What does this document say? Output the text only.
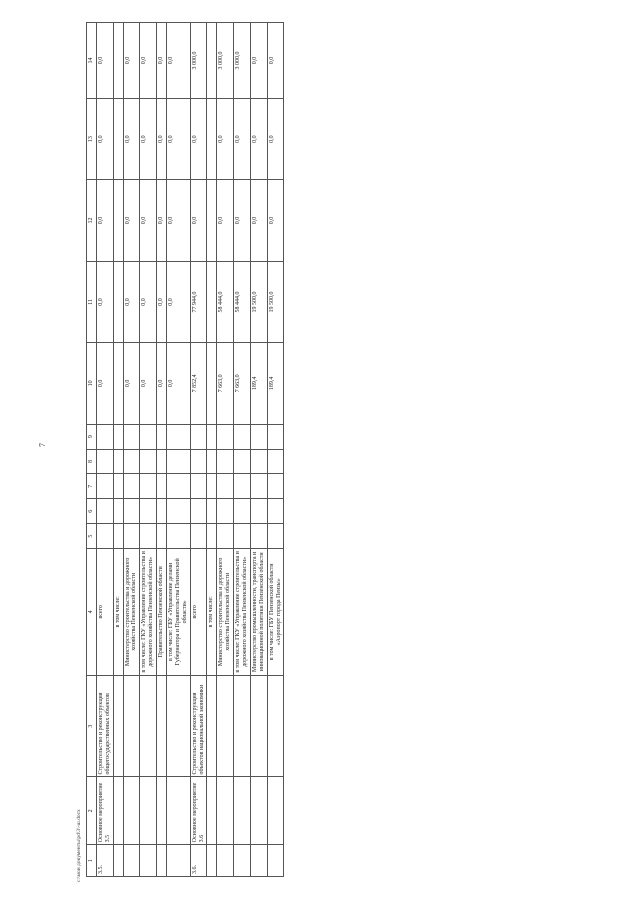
7
c:\мои документы\рd\3\-ш.docx 1	2	3	4	5	6	7	8	9	10	11	12	13	14
3.5.	Основное мероприятие 3.5	Строительство и реконструкция общегосударственных объектов	всего						0,0	0,0	0,0	0,0	0,0
			в том числе:										
			Министерство строительства и дорожного хозяйства Пензенской области						0,0	0,0	0,0	0,0	0,0
			в том числе: ГКУ «Управление строительства и дорожного хозяйства Пензенской области»						0,0	0,0	0,0	0,0	0,0
			Правительство Пензенской области						0,0	0,0	0,0	0,0	0,0
			в том числе: ГБУ «Управление делами Губернатора и Правительства Пензенской области»						0,0	0,0	0,0	0,0	0,0
3.6.	Основное мероприятие 3.6	Строительство и реконструкция объектов национальной экономики	всего						7 852,4	77 944,0	0,0	0,0	3 000,0
			в том числе:										
			Министерство строительства и дорожного хозяйства Пензенской области						7 663,0	58 444,0	0,0	0,0	3 000,0
			в том числе: ГКУ «Управление строительства и дорожного хозяйства Пензенской области»						7 663,0	58 444,0	0,0	0,0	3 000,0
			Министерство промышленности, транспорта и инновационной политики Пензенской области						189,4	19 500,0	0,0	0,0	0,0
			в том числе: ГБУ Пензенской области «Аэропорт города Пензы»						189,4	19 500,0	0,0	0,0	0,0
